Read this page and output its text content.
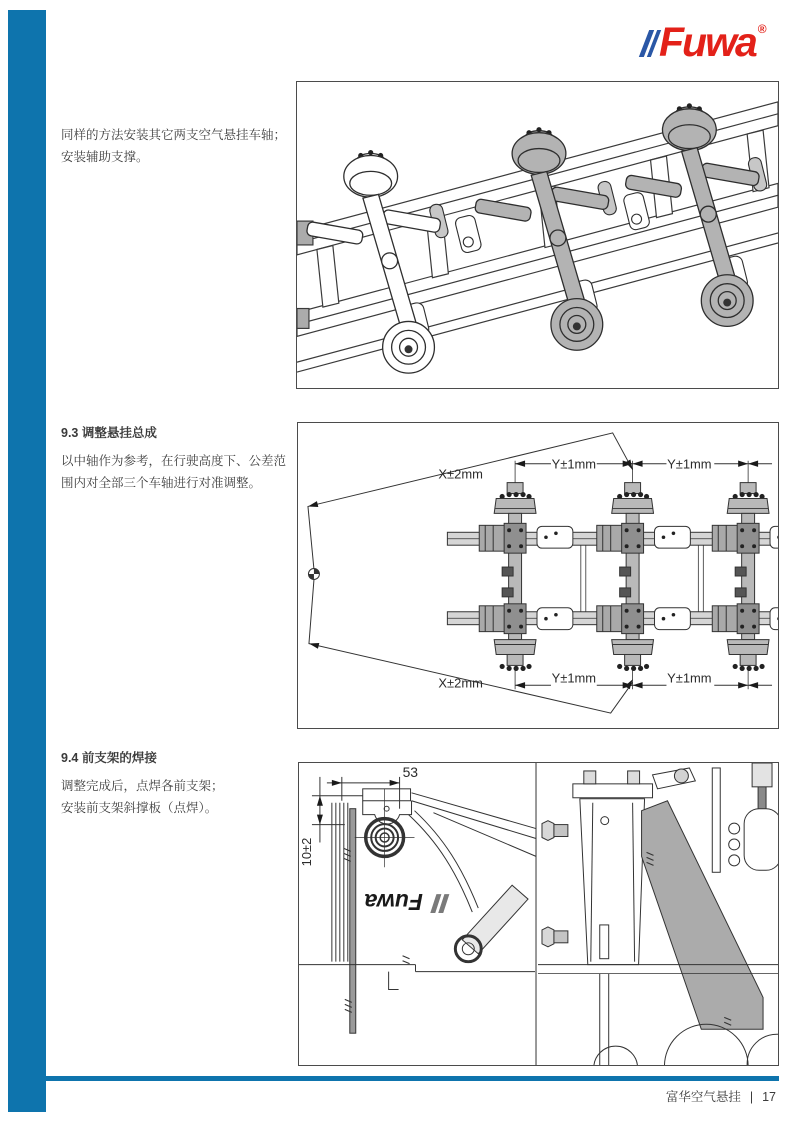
Fuwa ®
同样的方法安装其它两支空气悬挂车轴；
安装辅助支撑。
9.3 调整悬挂总成
以中轴作为参考，在行驶高度下、公差范
围内对全部三个车轴进行对准调整。
X±2mm
Y±1mm	Y±1mm
X±2mm	Y±1mm	Y±1mm
9.4 前支架的焊接
调整完成后，点焊各前支架；
安装前支架斜撑板（点焊）。
Fuwa
53
10±2
富华空气悬挂 | 17
